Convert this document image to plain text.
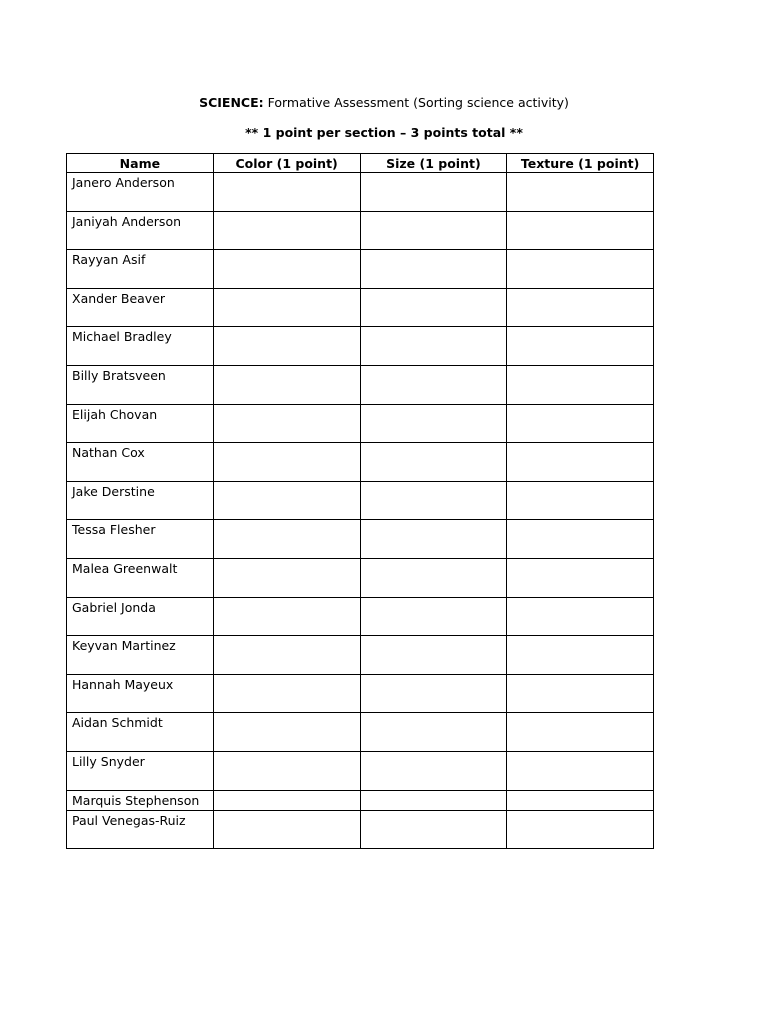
SCIENCE: Formative Assessment (Sorting science activity)
** 1 point per section – 3 points total **
Name	Color (1 point)	Size (1 point)	Texture (1 point)
Janero Anderson			
Janiyah Anderson			
Rayyan Asif			
Xander Beaver			
Michael Bradley			
Billy Bratsveen			
Elijah Chovan			
Nathan Cox			
Jake Derstine			
Tessa Flesher			
Malea Greenwalt			
Gabriel Jonda			
Keyvan Martinez			
Hannah Mayeux			
Aidan Schmidt			
Lilly Snyder			
Marquis Stephenson			
Paul Venegas-Ruiz			
